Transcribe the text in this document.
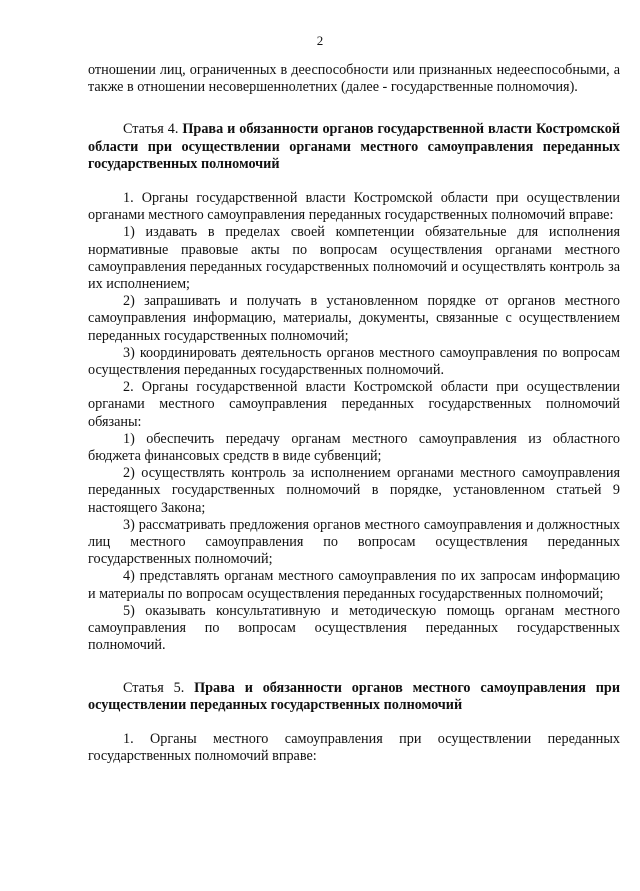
2

отношении лиц, ограниченных в дееспособности или признанных недееспособными, а также в отношении несовершеннолетних (далее - государственные полномочия).

Статья 4. Права и обязанности органов государственной власти Костромской области при осуществлении органами местного самоуправления переданных государственных полномочий

1. Органы государственной власти Костромской области при осуществлении органами местного самоуправления переданных государственных полномочий вправе:

1) издавать в пределах своей компетенции обязательные для исполнения нормативные правовые акты по вопросам осуществления органами местного самоуправления переданных государственных полномочий и осуществлять контроль за их исполнением;

2) запрашивать и получать в установленном порядке от органов местного самоуправления информацию, материалы, документы, связанные с осуществлением переданных государственных полномочий;

3) координировать деятельность органов местного самоуправления по вопросам осуществления переданных государственных полномочий.

2. Органы государственной власти Костромской области при осуществлении органами местного самоуправления переданных государственных полномочий обязаны:

1) обеспечить передачу органам местного самоуправления из областного бюджета финансовых средств в виде субвенций;

2) осуществлять контроль за исполнением органами местного самоуправления переданных государственных полномочий в порядке, установленном статьей 9 настоящего Закона;

3) рассматривать предложения органов местного самоуправления и должностных лиц местного самоуправления по вопросам осуществления переданных государственных полномочий;

4) представлять органам местного самоуправления по их запросам информацию и материалы по вопросам осуществления переданных государственных полномочий;

5) оказывать консультативную и методическую помощь органам местного самоуправления по вопросам осуществления переданных государственных полномочий.

Статья 5. Права и обязанности органов местного самоуправления при осуществлении переданных государственных полномочий

1. Органы местного самоуправления при осуществлении переданных государственных полномочий вправе:
